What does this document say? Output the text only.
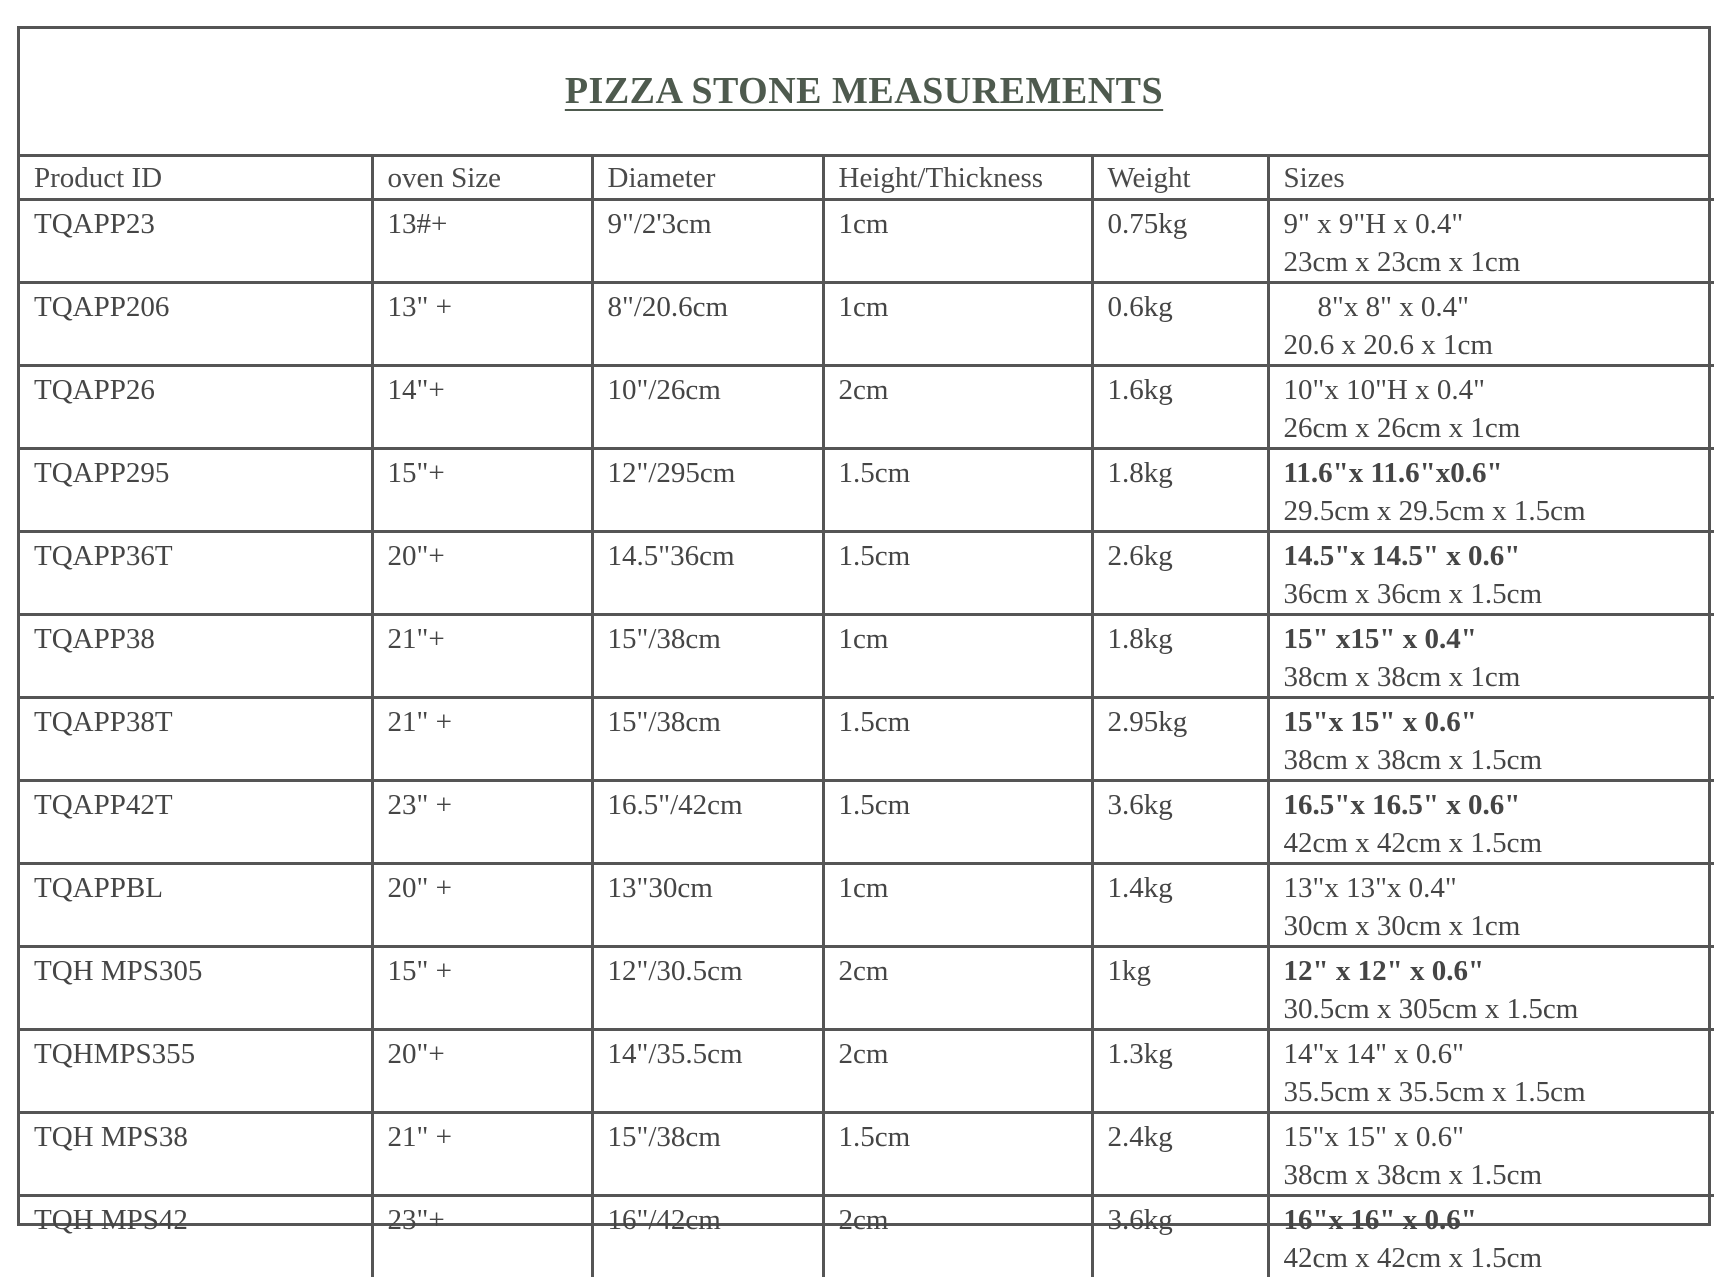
PIZZA STONE MEASUREMENTS
Product ID	oven Size	Diameter	Height/Thickness	Weight	Sizes
TQAPP23	13#+	9"/2'3cm	1cm	0.75kg	9" x 9"H x 0.4"
23cm x 23cm x 1cm

TQAPP206	13" +	8"/20.6cm	1cm	0.6kg	8"x 8" x 0.4"
20.6 x 20.6 x 1cm

TQAPP26	14"+	10"/26cm	2cm	1.6kg	10"x 10"H x 0.4"
26cm x 26cm x 1cm

TQAPP295	15"+	12"/295cm	1.5cm	1.8kg	11.6"x 11.6"x0.6"
29.5cm x 29.5cm x 1.5cm

TQAPP36T	20"+	14.5"36cm	1.5cm	2.6kg	14.5"x 14.5" x 0.6"
36cm x 36cm x 1.5cm

TQAPP38	21"+	15"/38cm	1cm	1.8kg	15" x15" x 0.4"
38cm x 38cm x 1cm

TQAPP38T	21" +	15"/38cm	1.5cm	2.95kg	15"x 15" x 0.6"
38cm x 38cm x 1.5cm

TQAPP42T	23" +	16.5"/42cm	1.5cm	3.6kg	16.5"x 16.5" x 0.6"
42cm x 42cm x 1.5cm

TQAPPBL	20" +	13"30cm	1cm	1.4kg	13"x 13"x 0.4"
30cm x 30cm x 1cm

TQH MPS305	15" +	12"/30.5cm	2cm	1kg	12" x 12" x 0.6"
30.5cm x 305cm x 1.5cm

TQHMPS355	20"+	14"/35.5cm	2cm	1.3kg	14"x 14" x 0.6"
35.5cm x 35.5cm x 1.5cm

TQH MPS38	21" +	15"/38cm	1.5cm	2.4kg	15"x 15" x 0.6"
38cm x 38cm x 1.5cm

TQH MPS42	23"+	16"/42cm	2cm	3.6kg	16"x 16" x 0.6"
42cm x 42cm x 1.5cm
